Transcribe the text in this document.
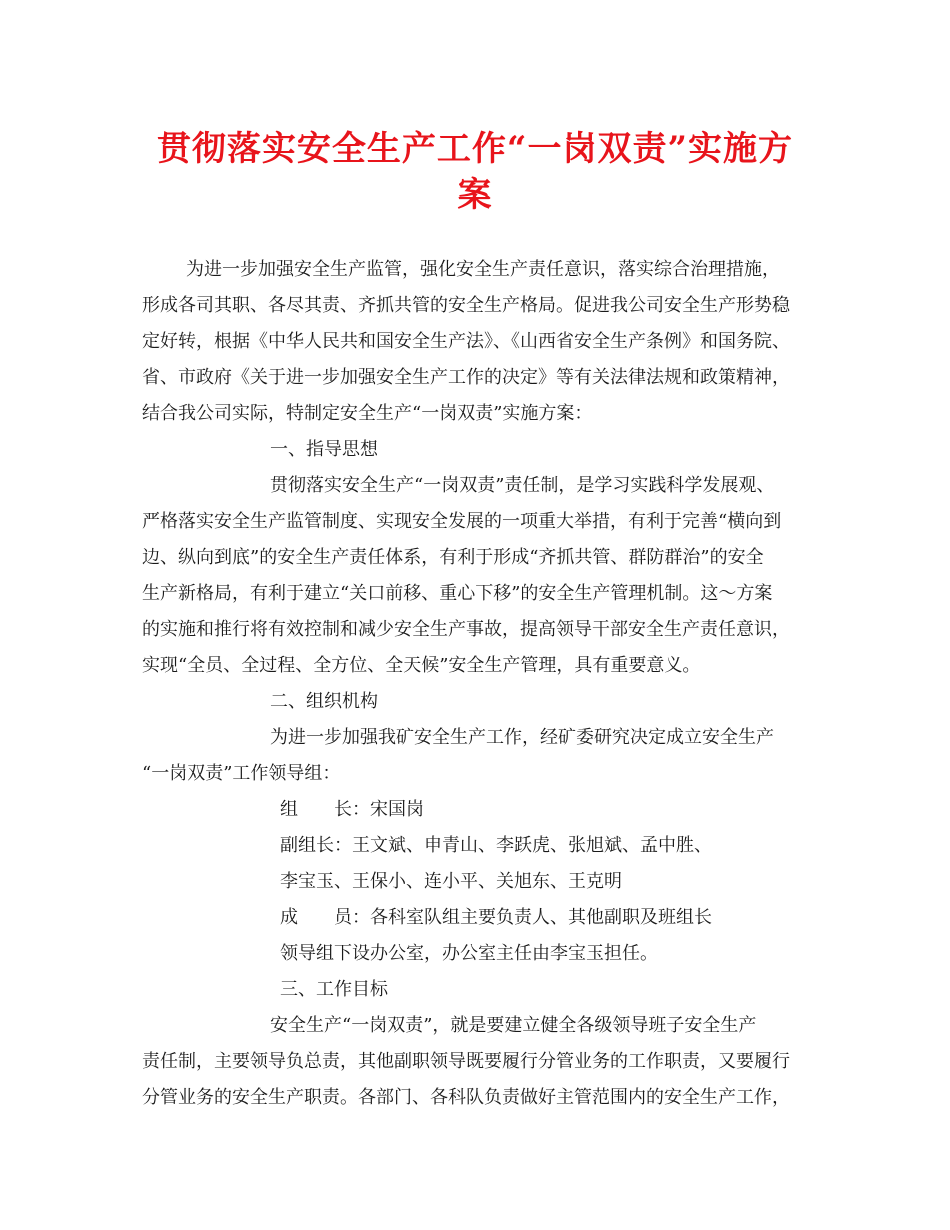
贯彻落实安全生产工作“一岗双责”实施方
案
为进一步加强安全生产监管，强化安全生产责任意识，落实综合治理措施，
形成各司其职、各尽其责、齐抓共管的安全生产格局。促进我公司安全生产形势稳
定好转，根据《中华人民共和国安全生产法》、《山西省安全生产条例》和国务院、
省、市政府《关于进一步加强安全生产工作的决定》等有关法律法规和政策精神，
结合我公司实际，特制定安全生产“一岗双责”实施方案：
一、指导思想
贯彻落实安全生产“一岗双责”责任制，是学习实践科学发展观、
严格落实安全生产监管制度、实现安全发展的一项重大举措，有利于完善“横向到
边、纵向到底”的安全生产责任体系，有利于形成“齐抓共管、群防群治”的安全
生产新格局，有利于建立“关口前移、重心下移”的安全生产管理机制。这～方案
的实施和推行将有效控制和减少安全生产事故，提高领导干部安全生产责任意识，
实现“全员、全过程、全方位、全天候”安全生产管理，具有重要意义。
二、组织机构
为进一步加强我矿安全生产工作，经矿委研究决定成立安全生产
“一岗双责”工作领导组：
组　　长：宋国岗
副组长：王文斌、申青山、李跃虎、张旭斌、孟中胜、
李宝玉、王保小、连小平、关旭东、王克明
成　　员：各科室队组主要负责人、其他副职及班组长
领导组下设办公室，办公室主任由李宝玉担任。
三、工作目标
安全生产“一岗双责”，就是要建立健全各级领导班子安全生产
责任制，主要领导负总责，其他副职领导既要履行分管业务的工作职责，又要履行
分管业务的安全生产职责。各部门、各科队负责做好主管范围内的安全生产工作，
